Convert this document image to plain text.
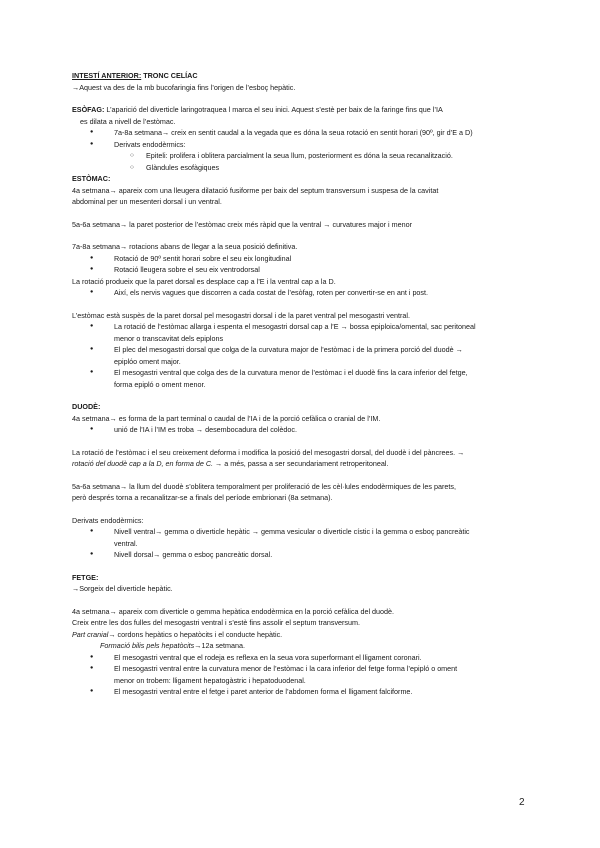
INTESTÍ ANTERIOR: TRONC CELÍAC

→Aquest va des de la mb bucofaringia fins l’origen de l’esboç hepàtic.

ESÒFAG: L’aparició del diverticle laringotraquea l marca el seu inici. Aquest s’estè per baix de la faringe fins que l’IA

es dilata a nivell de l’estòmac.

● 7a-8a setmana→ creix en sentit caudal a la vegada que es dóna la seua rotació en sentit horari (90º, gir d’E a D)

● Derivats endodèrmics:

○ Epiteli: prolifera i oblitera parcialment la seua llum, posteriorment es dóna la seua recanalització.

○ Glàndules esofàgiques

ESTÒMAC:

4a setmana→ apareix com una lleugera dilatació fusiforme per baix del septum transversum i suspesa de la cavitat

abdominal per un mesenteri dorsal i un ventral.

5a-6a setmana→ la paret posterior de l’estòmac creix més ràpid que la ventral → curvatures major i menor

7a-8a setmana→ rotacions abans de llegar a la seua posició definitiva.

● Rotació de 90º sentit horari sobre el seu eix longitudinal

● Rotació lleugera sobre el seu eix ventrodorsal

La rotació produeix que la paret dorsal es desplace cap a l’E i la ventral cap a la D.

● Així, els nervis vagues que discorren a cada costat de l’esòfag, roten per convertir-se en ant i post.

L’estòmac està suspès de la paret dorsal pel mesogastri dorsal i de la paret ventral pel mesogastri ventral.

● La rotació de l’estòmac allarga i espenta el mesogastri dorsal cap a l’E → bossa epiploica/omental, sac peritoneal

menor o transcavitat dels epiplons

● El plec del mesogastri dorsal que colga de la curvatura major de l’estòmac i de la primera porció del duodè →

epiplóo oment major.

● El mesogastri ventral que colga des de la curvatura menor de l’estòmac i el duodè fins la cara inferior del fetge,

forma epipló o oment menor.

DUODÈ:

4a setmana→ es forma de la part terminal o caudal de l’IA i de la porció cefàlica o cranial de l’IM.

● unió de l’IA i l’IM es troba → desembocadura del colèdoc.

La rotació de l’estòmac i el seu creixement deforma i modifica la posició del mesogastri dorsal, del duodè i del pàncrees. →

rotació del duodè cap a la D, en forma de C. → a més, passa a ser secundariament retroperitoneal.

5a-6a setmana→ la llum del duodè s’oblitera temporalment per proliferació de les cèl·lules endodèrmiques de les parets,

però després torna a recanalitzar-se a finals del període embrionari (8a setmana).

Derivats endodèrmics:

● Nivell ventral→ gemma o diverticle hepàtic → gemma vesicular o diverticle cístic i la gemma o esboç pancreàtic

ventral.

● Nivell dorsal→ gemma o esboç pancreàtic dorsal.

FETGE:

→Sorgeix del diverticle hepàtic.

4a setmana→ apareix com diverticle o gemma hepàtica endodèrmica en la porció cefàlica del duodè.

Creix entre les dos fulles del mesogastri ventral i s’estè fins assolir el septum transversum.

Part cranial→ cordons hepàtics o hepatòcits i el conducte hepàtic.

Formació bilis pels hepatòcits→12a setmana.

● El mesogastri ventral que el rodeja es reflexa en la seua vora superformant el lligament coronari.

● El mesogastri ventral entre la curvatura menor de l’estòmac i la cara inferior del fetge forma l’epipló o oment

menor on trobem: lligament hepatogàstric i hepatoduodenal.

● El mesogastri ventral entre el fetge i paret anterior de l’abdomen forma el lligament falciforme.

2
